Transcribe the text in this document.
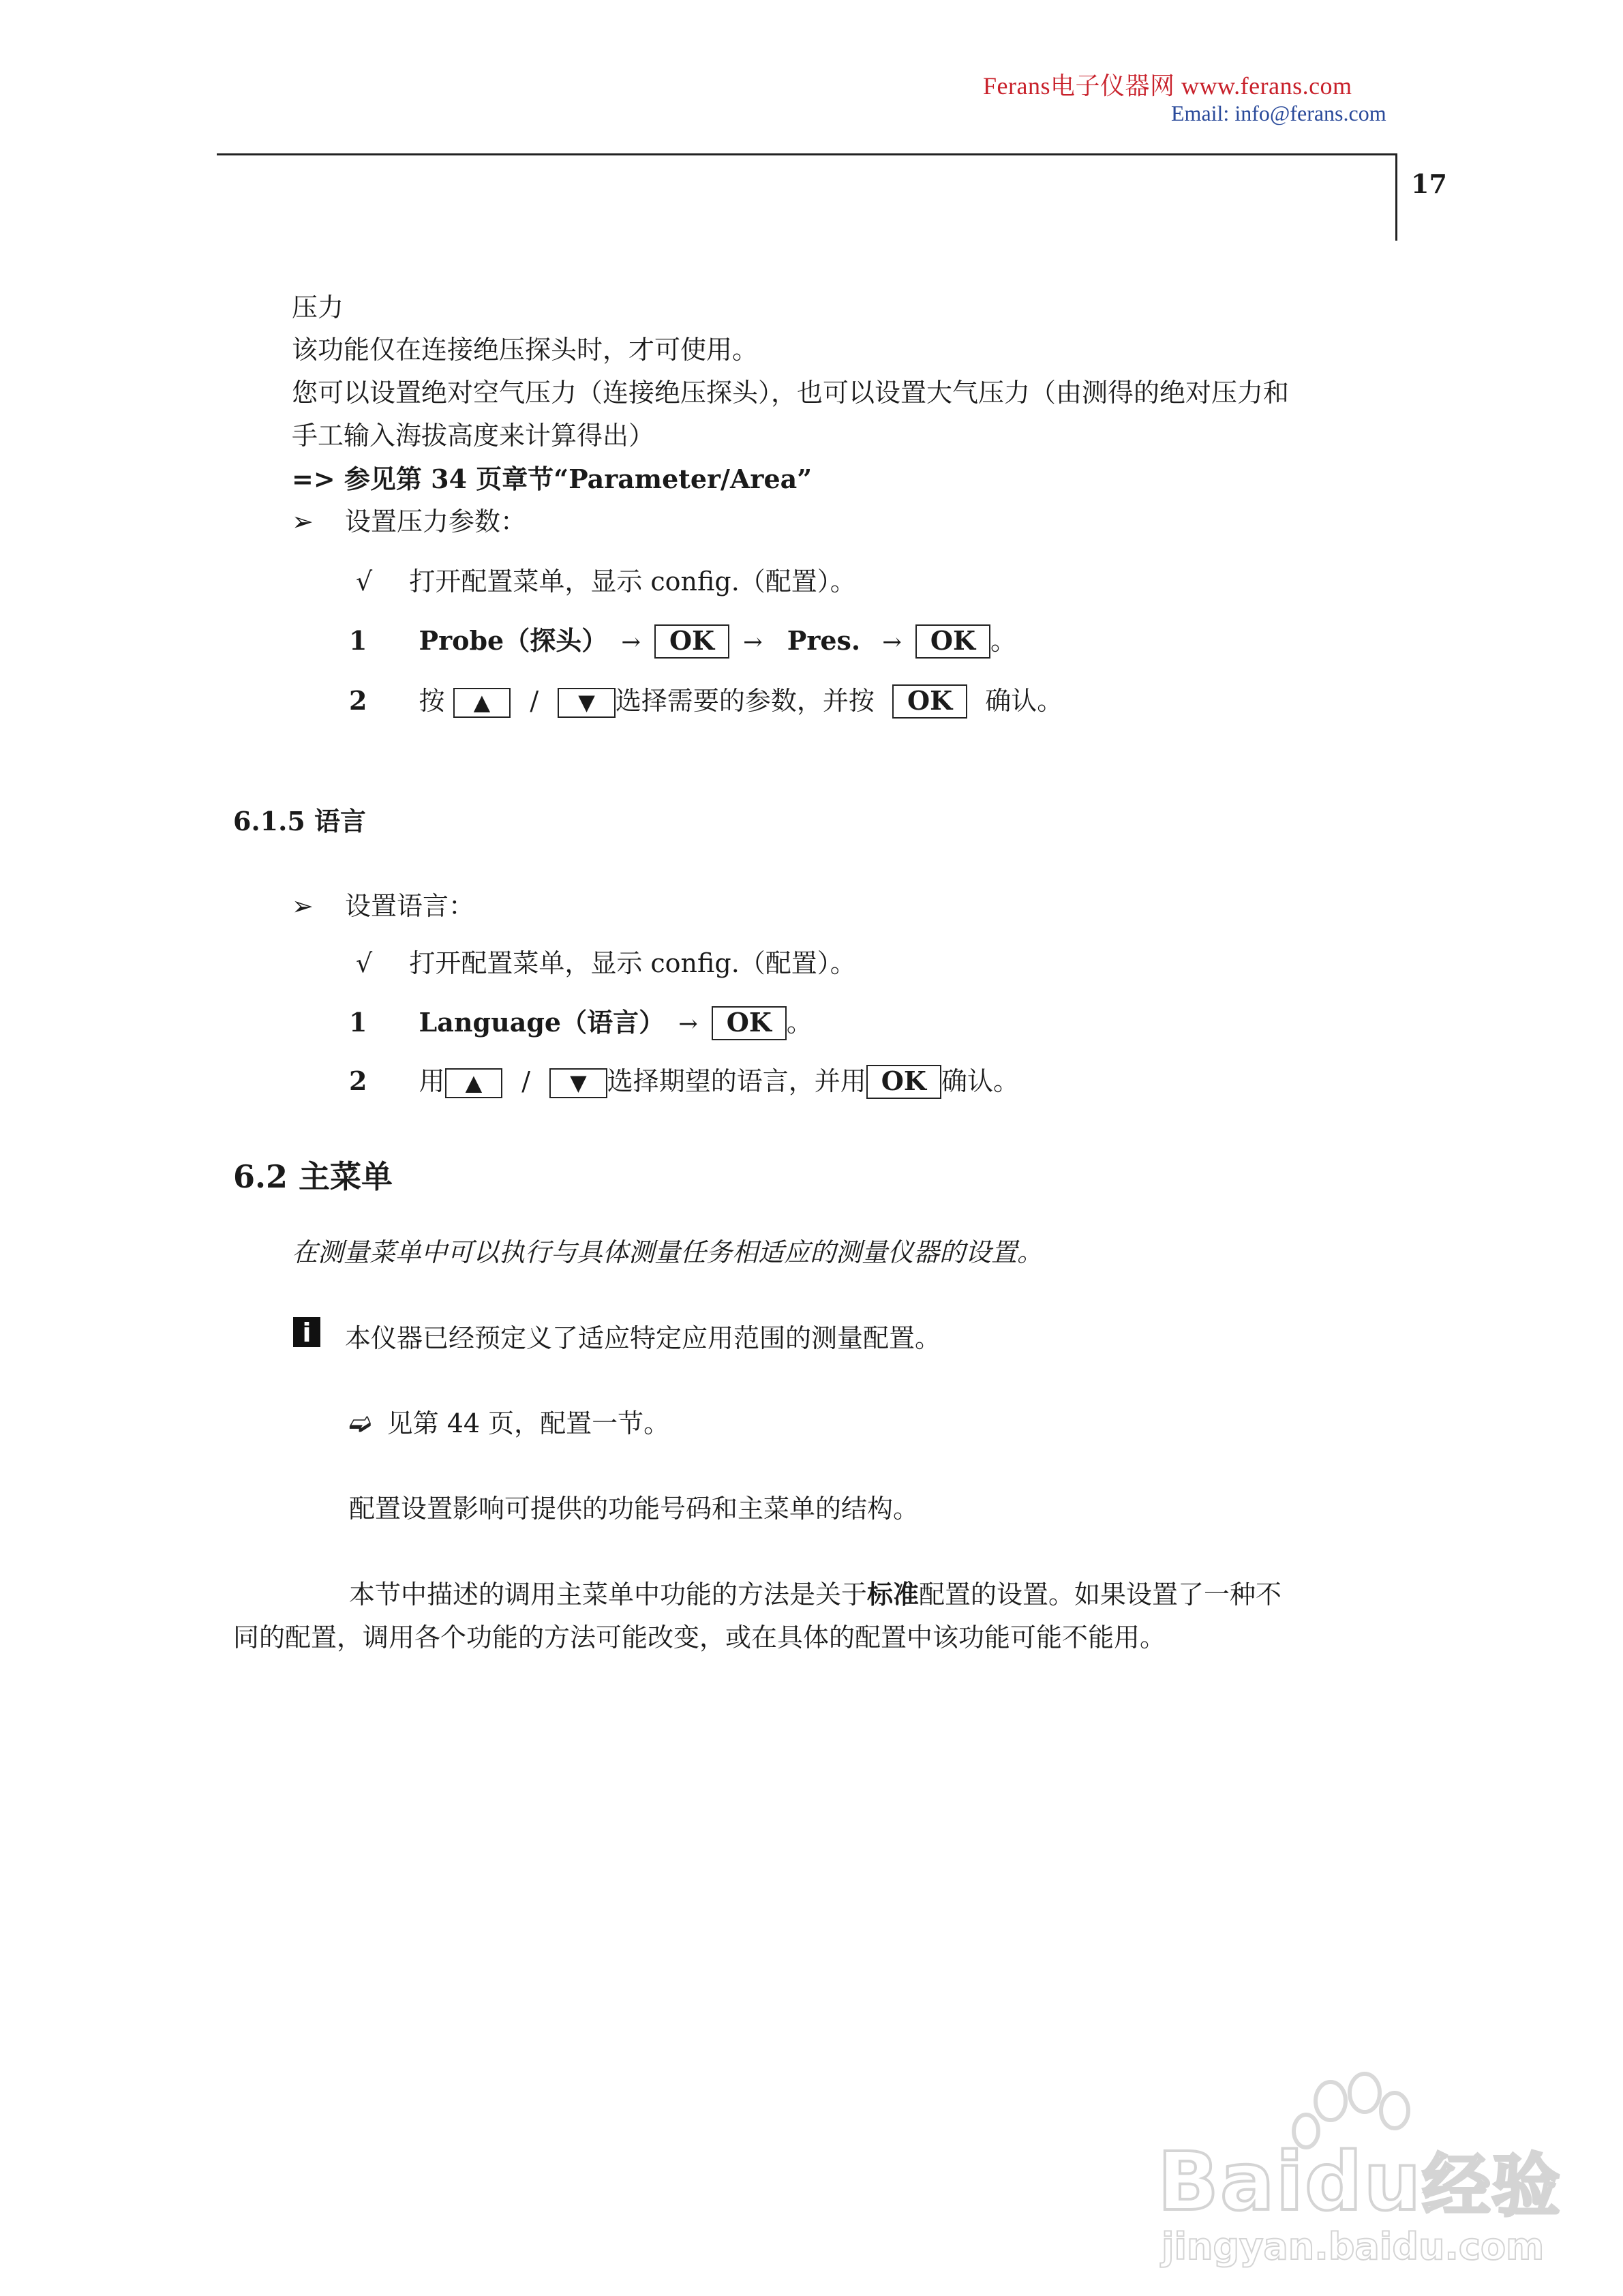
Ferans电子仪器网 www.ferans.com
Email: info@ferans.com
17
压力
该功能仅在连接绝压探头时，才可使用。
您可以设置绝对空气压力（连接绝压探头），也可以设置大气压力（由测得的绝对压力和
手工输入海拔高度来计算得出）
=> 参见第 34 页章节“Parameter/Area”
➢ 设置压力参数：
√ 打开配置菜单，显示 config.（配置）。
1 Probe（探头） → OK → Pres. → OK 。
2 按 ▲ / ▼ 选择需要的参数，并按 OK 确认。
6.1.5 语言
➢ 设置语言：
√ 打开配置菜单，显示 config.（配置）。
1 Language（语言） → OK 。
2 用 ▲ / ▼ 选择期望的语言，并用 OK 确认。
6.2 主菜单
在测量菜单中可以执行与具体测量任务相适应的测量仪器的设置。
i	本仪器已经预定义了适应特定应用范围的测量配置。
➫ 见第 44 页，配置一节。
配置设置影响可提供的功能号码和主菜单的结构。
本节中描述的调用主菜单中功能的方法是关于标准配置的设置。如果设置了一种不
同的配置，调用各个功能的方法可能改变，或在具体的配置中该功能可能不能用。
Baidu经验
jingyan.baidu.com
